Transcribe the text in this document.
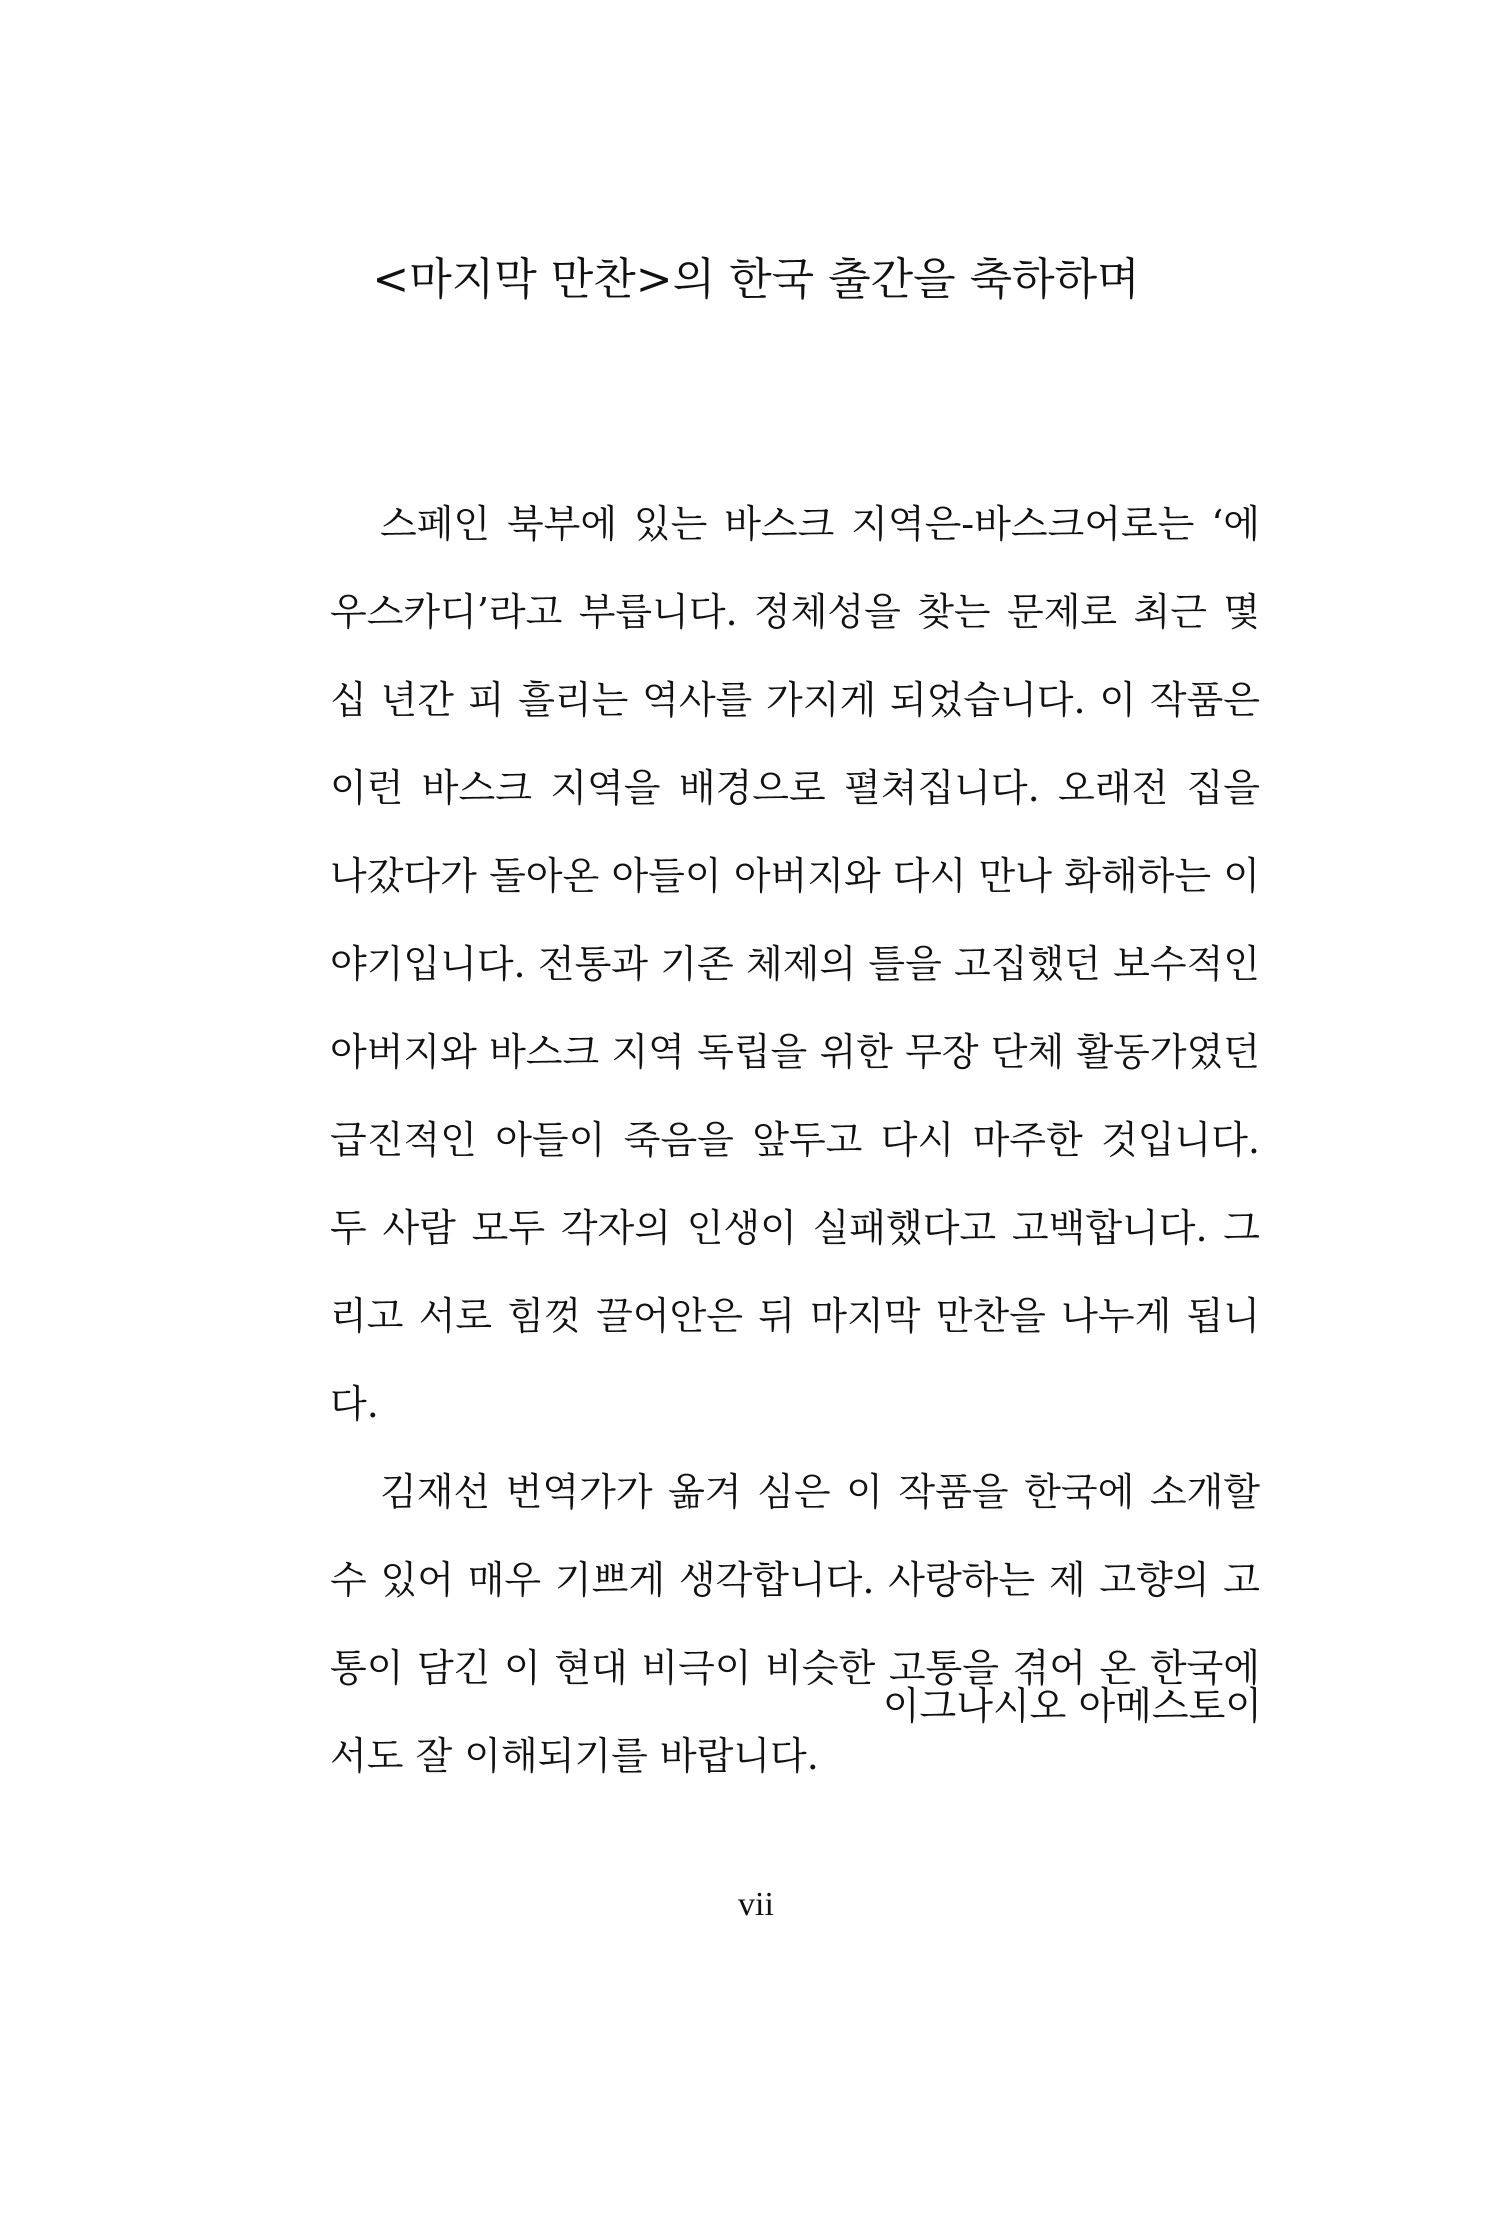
<마지막 만찬>의 한국 출간을 축하하며
스페인 북부에 있는 바스크 지역은-바스크어로는 ‘에
우스카디’라고 부릅니다. 정체성을 찾는 문제로 최근 몇
십 년간 피 흘리는 역사를 가지게 되었습니다. 이 작품은
이런 바스크 지역을 배경으로 펼쳐집니다. 오래전 집을
나갔다가 돌아온 아들이 아버지와 다시 만나 화해하는 이
야기입니다. 전통과 기존 체제의 틀을 고집했던 보수적인
아버지와 바스크 지역 독립을 위한 무장 단체 활동가였던
급진적인 아들이 죽음을 앞두고 다시 마주한 것입니다.
두 사람 모두 각자의 인생이 실패했다고 고백합니다. 그
리고 서로 힘껏 끌어안은 뒤 마지막 만찬을 나누게 됩니
다.
김재선 번역가가 옮겨 심은 이 작품을 한국에 소개할
수 있어 매우 기쁘게 생각합니다. 사랑하는 제 고향의 고
통이 담긴 이 현대 비극이 비슷한 고통을 겪어 온 한국에
서도 잘 이해되기를 바랍니다.
이그나시오 아메스토이
vii
